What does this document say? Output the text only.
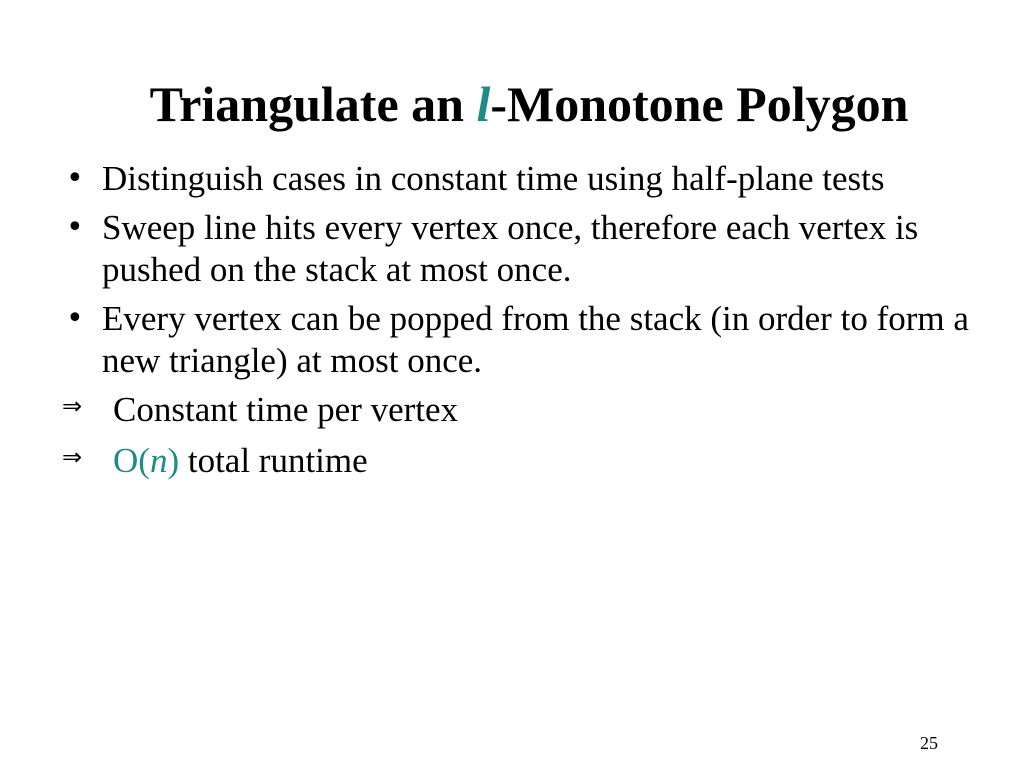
Triangulate an l-Monotone Polygon
• Distinguish cases in constant time using half-plane tests
• Sweep line hits every vertex once, therefore each vertex is pushed on the stack at most once.
• Every vertex can be popped from the stack (in order to form a new triangle) at most once.
⇒ Constant time per vertex
⇒ O(n) total runtime
25
